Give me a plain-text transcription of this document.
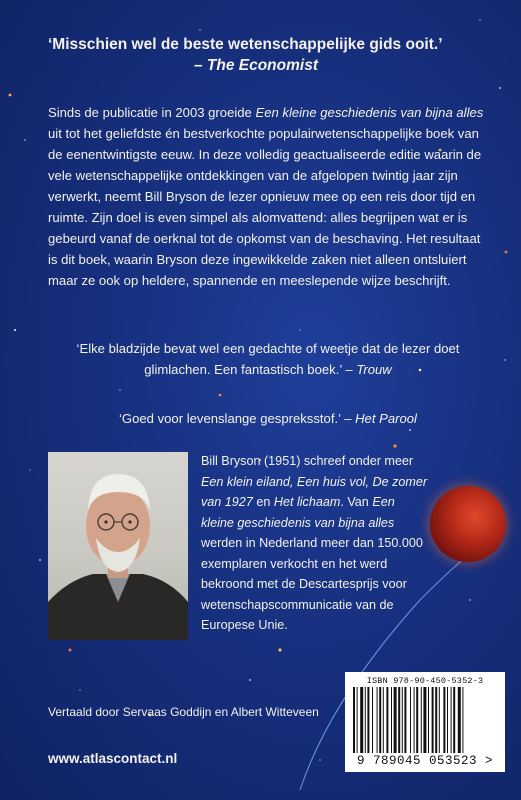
‘Misschien wel de beste wetenschappelijke gids ooit.’
– The Economist
Sinds de publicatie in 2003 groeide Een kleine geschiedenis van bijna alles uit tot het geliefdste én bestverkochte populairwetenschappelijke boek van de eenentwintigste eeuw. In deze volledig geactualiseerde editie waarin de vele wetenschappelijke ontdekkingen van de afgelopen twintig jaar zijn verwerkt, neemt Bill Bryson de lezer opnieuw mee op een reis door tijd en ruimte. Zijn doel is even simpel als alomvattend: alles begrijpen wat er is gebeurd vanaf de oerknal tot de opkomst van de beschaving. Het resultaat is dit boek, waarin Bryson deze ingewikkelde zaken niet alleen ontsluiert maar ze ook op heldere, spannende en meeslepende wijze beschrijft.
‘Elke bladzijde bevat wel een gedachte of weetje dat de lezer doet glimlachen. Een fantastisch boek.’ – Trouw
‘Goed voor levenslange gespreksstof.’ – Het Parool
Bill Bryson (1951) schreef onder meer Een klein eiland, Een huis vol, De zomer van 1927 en Het lichaam. Van Een kleine geschiedenis van bijna alles werden in Nederland meer dan 150.000 exemplaren verkocht en het werd bekroond met de Descartesprijs voor wetenschapscommunicatie van de Europese Unie.
ISBN 978-90-450-5352-3
9 789045 053523 >
Vertaald door Servaas Goddijn en Albert Witteveen
www.atlascontact.nl
